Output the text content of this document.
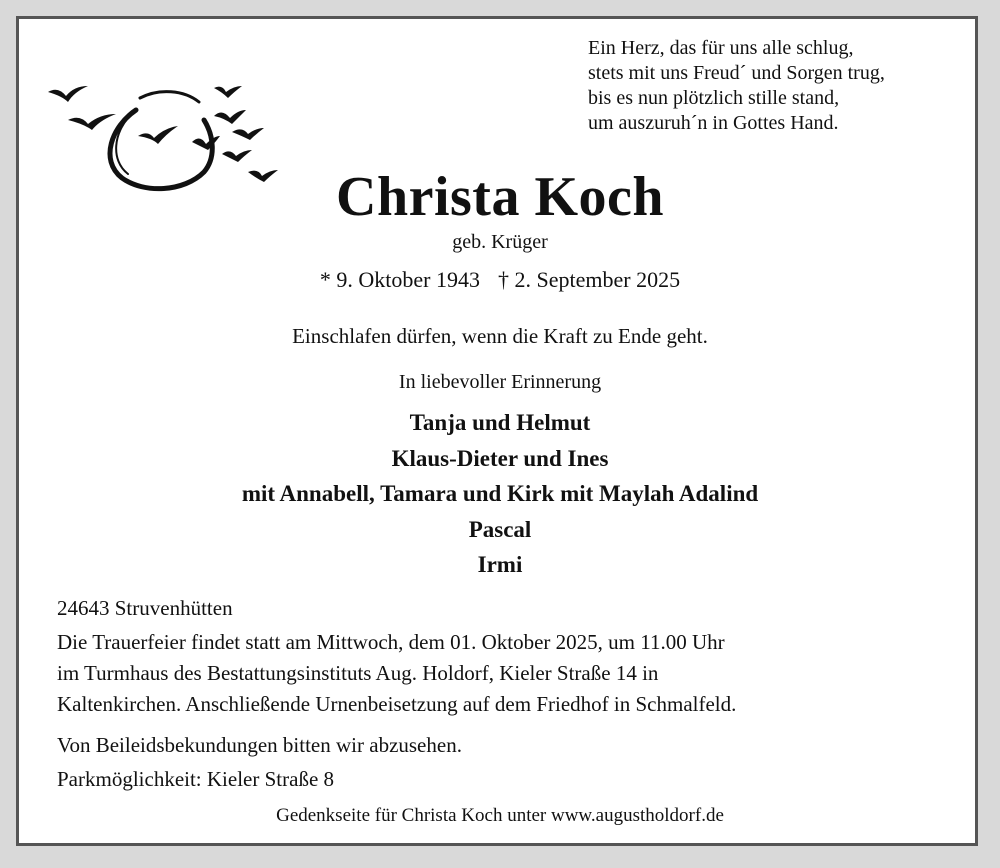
Ein Herz, das für uns alle schlug,
stets mit uns Freud´ und Sorgen trug,
bis es nun plötzlich stille stand,
um auszuruh´n in Gottes Hand.
Christa Koch
geb. Krüger
* 9. Oktober 1943 † 2. September 2025
Einschlafen dürfen, wenn die Kraft zu Ende geht.
In liebevoller Erinnerung
Tanja und Helmut
Klaus-Dieter und Ines
mit Annabell, Tamara und Kirk mit Maylah Adalind
Pascal
Irmi
24643 Struvenhütten
Die Trauerfeier findet statt am Mittwoch, dem 01. Oktober 2025, um 11.00 Uhr
im Turmhaus des Bestattungsinstituts Aug. Holdorf, Kieler Straße 14 in
Kaltenkirchen. Anschließende Urnenbeisetzung auf dem Friedhof in Schmalfeld.
Von Beileidsbekundungen bitten wir abzusehen.
Parkmöglichkeit: Kieler Straße 8
Gedenkseite für Christa Koch unter www.augustholdorf.de
